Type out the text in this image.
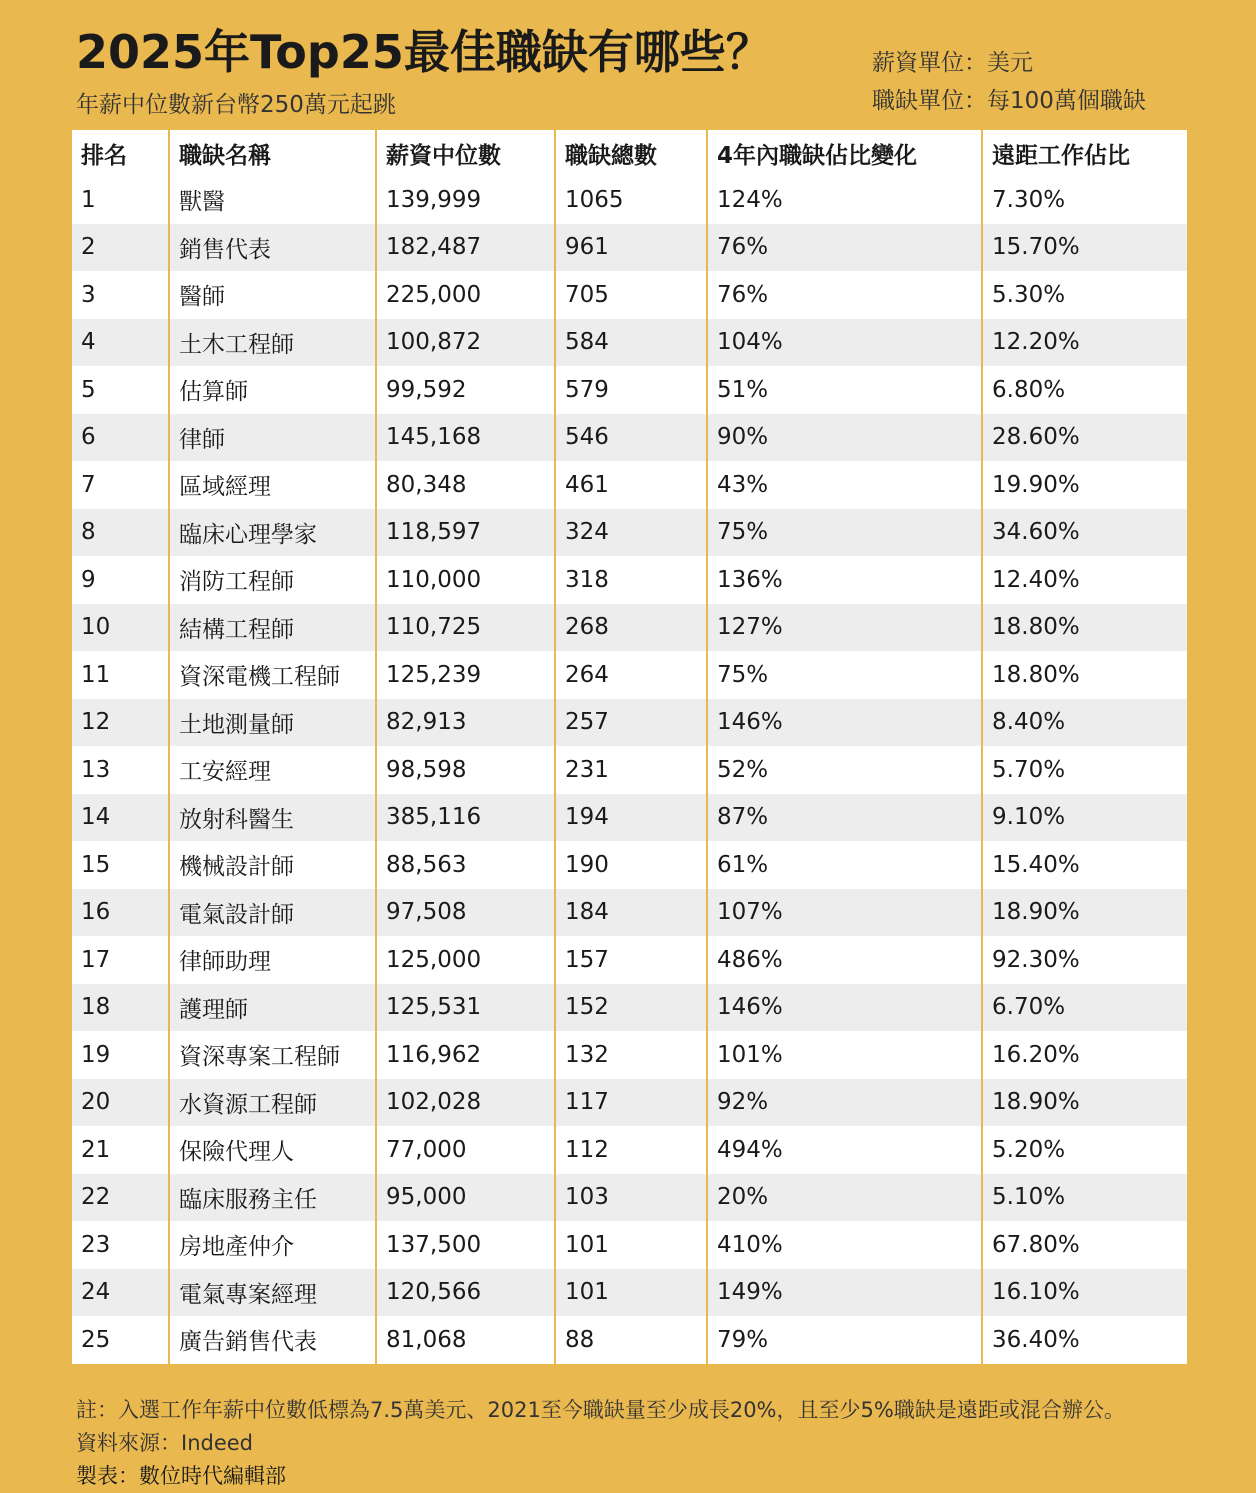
2025年Top25最佳職缺有哪些？
年薪中位數新台幣250萬元起跳
薪資單位：美元
職缺單位：每100萬個職缺
排名	職缺名稱	薪資中位數	職缺總數	4年內職缺佔比變化	遠距工作佔比
1	獸醫	139,999	1065	124%	7.30%
2	銷售代表	182,487	961	76%	15.70%
3	醫師	225,000	705	76%	5.30%
4	土木工程師	100,872	584	104%	12.20%
5	估算師	99,592	579	51%	6.80%
6	律師	145,168	546	90%	28.60%
7	區域經理	80,348	461	43%	19.90%
8	臨床心理學家	118,597	324	75%	34.60%
9	消防工程師	110,000	318	136%	12.40%
10	結構工程師	110,725	268	127%	18.80%
11	資深電機工程師	125,239	264	75%	18.80%
12	土地測量師	82,913	257	146%	8.40%
13	工安經理	98,598	231	52%	5.70%
14	放射科醫生	385,116	194	87%	9.10%
15	機械設計師	88,563	190	61%	15.40%
16	電氣設計師	97,508	184	107%	18.90%
17	律師助理	125,000	157	486%	92.30%
18	護理師	125,531	152	146%	6.70%
19	資深專案工程師	116,962	132	101%	16.20%
20	水資源工程師	102,028	117	92%	18.90%
21	保險代理人	77,000	112	494%	5.20%
22	臨床服務主任	95,000	103	20%	5.10%
23	房地產仲介	137,500	101	410%	67.80%
24	電氣專案經理	120,566	101	149%	16.10%
25	廣告銷售代表	81,068	88	79%	36.40%
註：入選工作年薪中位數低標為7.5萬美元、2021至今職缺量至少成長20%，且至少5%職缺是遠距或混合辦公。
資料來源：Indeed
製表：數位時代編輯部
